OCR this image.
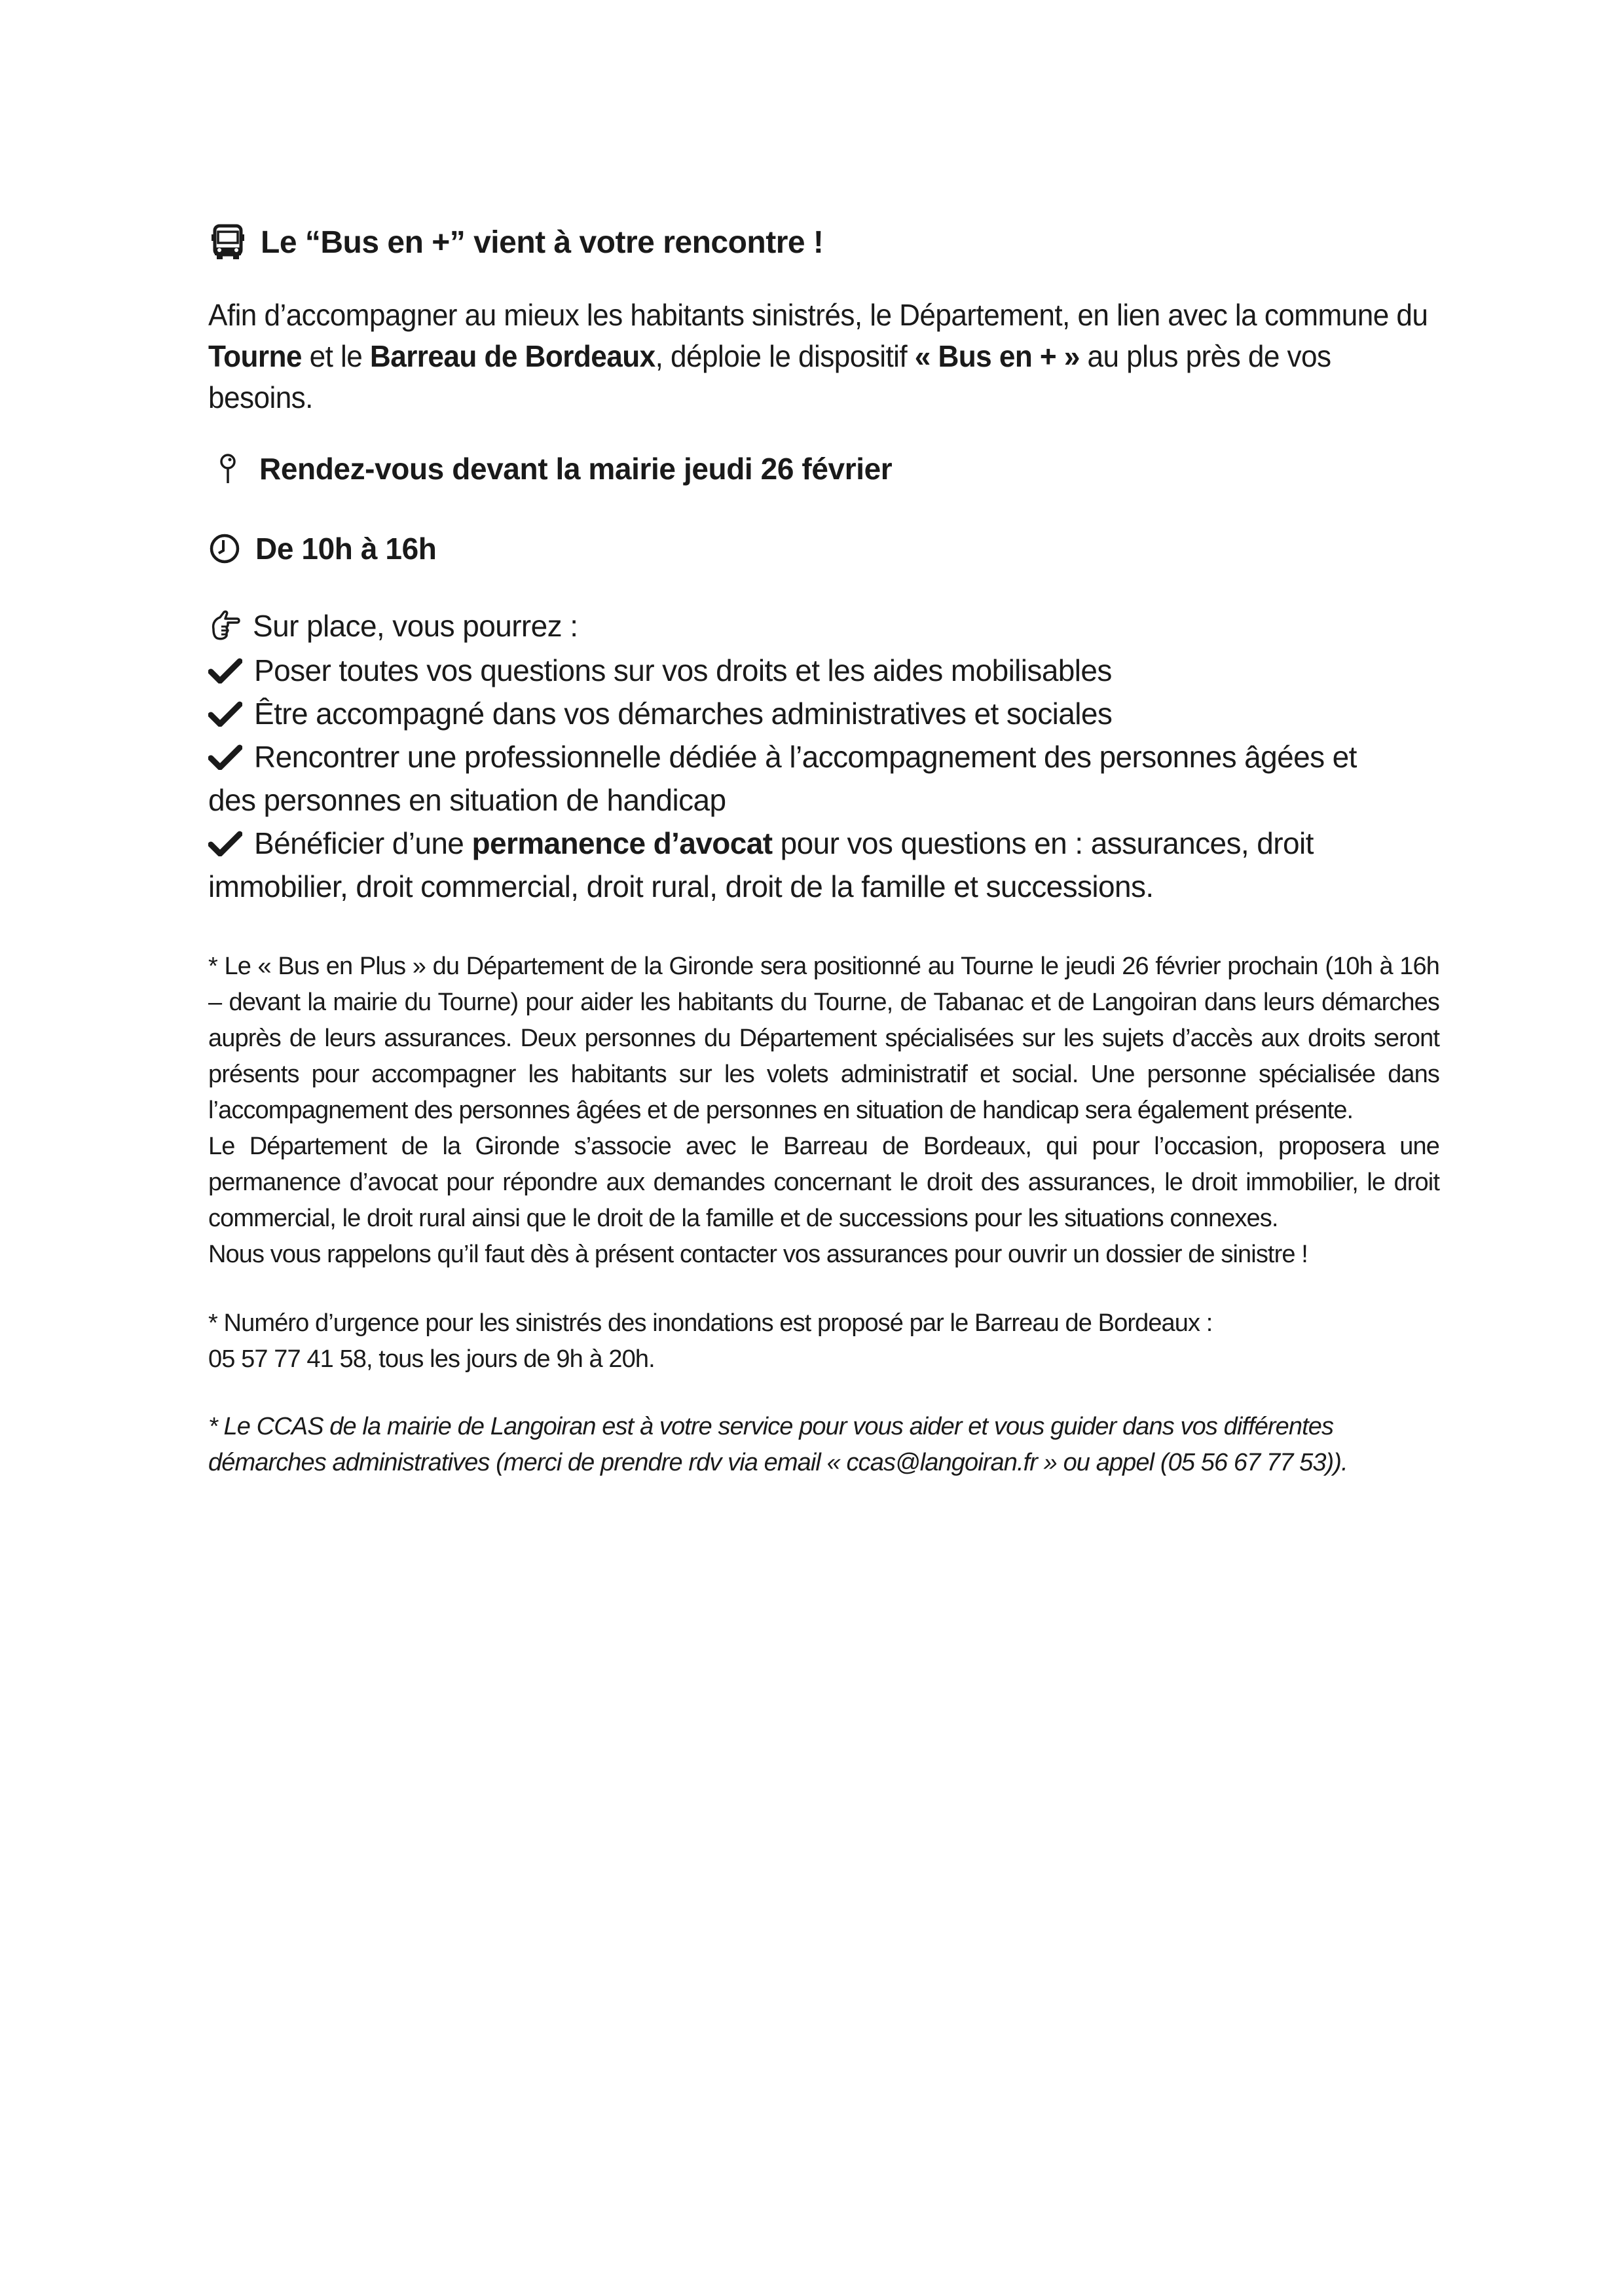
Le “Bus en +” vient à votre rencontre !

Afin d’accompagner au mieux les habitants sinistrés, le Département, en lien avec la commune du Tourne et le Barreau de Bordeaux, déploie le dispositif « Bus en + » au plus près de vos besoins.

Rendez-vous devant la mairie jeudi 26 février
De 10h à 16h
Sur place, vous pourrez :

Poser toutes vos questions sur vos droits et les aides mobilisables

Être accompagné dans vos démarches administratives et sociales

Rencontrer une professionnelle dédiée à l’accompagnement des personnes âgées et des personnes en situation de handicap

Bénéficier d’une permanence d’avocat pour vos questions en : assurances, droit immobilier, droit commercial, droit rural, droit de la famille et successions.

* Le « Bus en Plus » du Département de la Gironde sera positionné au Tourne le jeudi 26 février prochain (10h à 16h – devant la mairie du Tourne) pour aider les habitants du Tourne, de Tabanac et de Langoiran dans leurs démarches auprès de leurs assurances. Deux personnes du Département spécialisées sur les sujets d’accès aux droits seront présents pour accompagner les habitants sur les volets administratif et social. Une personne spécialisée dans l’accompagnement des personnes âgées et de personnes en situation de handicap sera également présente.

Le Département de la Gironde s’associe avec le Barreau de Bordeaux, qui pour l’occasion, proposera une permanence d’avocat pour répondre aux demandes concernant le droit des assurances, le droit immobilier, le droit commercial, le droit rural ainsi que le droit de la famille et de successions pour les situations connexes.

Nous vous rappelons qu’il faut dès à présent contacter vos assurances pour ouvrir un dossier de sinistre !

* Numéro d’urgence pour les sinistrés des inondations est proposé par le Barreau de Bordeaux :

05 57 77 41 58, tous les jours de 9h à 20h.

* Le CCAS de la mairie de Langoiran est à votre service pour vous aider et vous guider dans vos différentes démarches administratives (merci de prendre rdv via email « ccas@langoiran.fr » ou appel (05 56 67 77 53)).
